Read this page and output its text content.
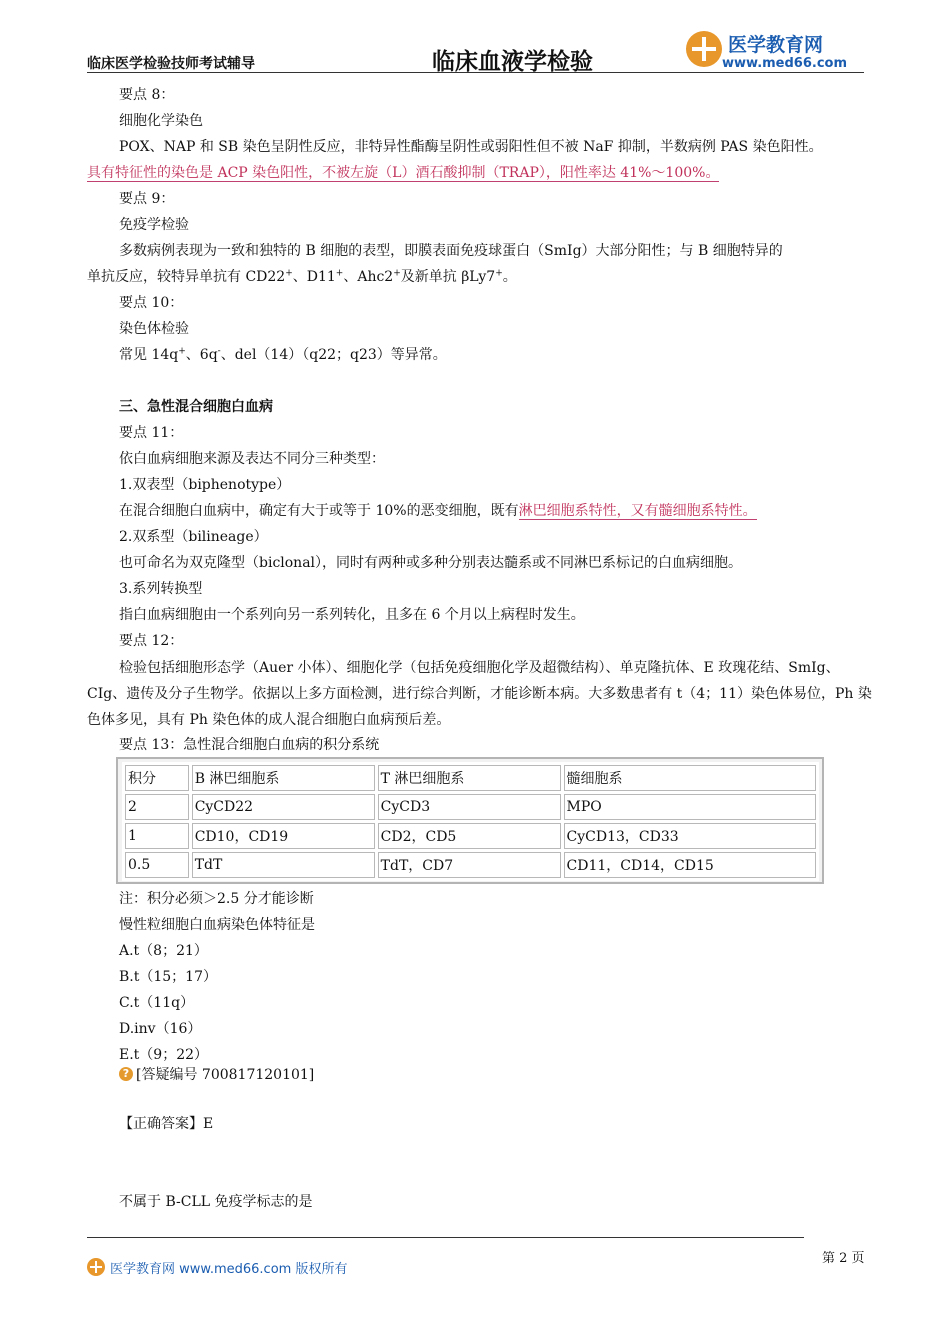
临床医学检验技师考试辅导	临床血液学检验
医学教育网
www.med66.com
要点 8：
细胞化学染色
POX、NAP 和 SB 染色呈阴性反应，非特异性酯酶呈阴性或弱阳性但不被 NaF 抑制，半数病例 PAS 染色阳性。
具有特征性的染色是 ACP 染色阳性，不被左旋（L）酒石酸抑制（TRAP），阳性率达 41%～100%。
要点 9：
免疫学检验
多数病例表现为一致和独特的 B 细胞的表型，即膜表面免疫球蛋白（SmIg）大部分阳性；与 B 细胞特异的
单抗反应，较特异单抗有 CD22+、D11+、Ahc2+及新单抗 βLy7+。
要点 10：
染色体检验
常见 14q+、6q-、del（14）（q22；q23）等异常。
三、急性混合细胞白血病
要点 11：
依白血病细胞来源及表达不同分三种类型：
1.双表型（biphenotype）
在混合细胞白血病中，确定有大于或等于 10%的恶变细胞，既有淋巴细胞系特性，又有髓细胞系特性。
2.双系型（bilineage）
也可命名为双克隆型（biclonal），同时有两种或多种分别表达髓系或不同淋巴系标记的白血病细胞。
3.系列转换型
指白血病细胞由一个系列向另一系列转化，且多在 6 个月以上病程时发生。
要点 12：
检验包括细胞形态学（Auer 小体）、细胞化学（包括免疫细胞化学及超微结构）、单克隆抗体、E 玫瑰花结、SmIg、CIg、遗传及分子生物学。依据以上多方面检测，进行综合判断，才能诊断本病。大多数患者有 t（4；11）染色体易位，Ph 染色体多见，具有 Ph 染色体的成人混合细胞白血病预后差。
要点 13：急性混合细胞白血病的积分系统
积分	B 淋巴细胞系	T 淋巴细胞系	髓细胞系
2	CyCD22	CyCD3	MPO
1	CD10，CD19	CD2，CD5	CyCD13，CD33
0.5	TdT	TdT，CD7	CD11，CD14，CD15
注：积分必须＞2.5 分才能诊断
慢性粒细胞白血病染色体特征是
A.t（8；21）
B.t（15；17）
C.t（11q）
D.inv（16）
E.t（9；22）
? [答疑编号 700817120101]
【正确答案】E
不属于 B-CLL 免疫学标志的是
第 2 页
医学教育网 www.med66.com 版权所有
